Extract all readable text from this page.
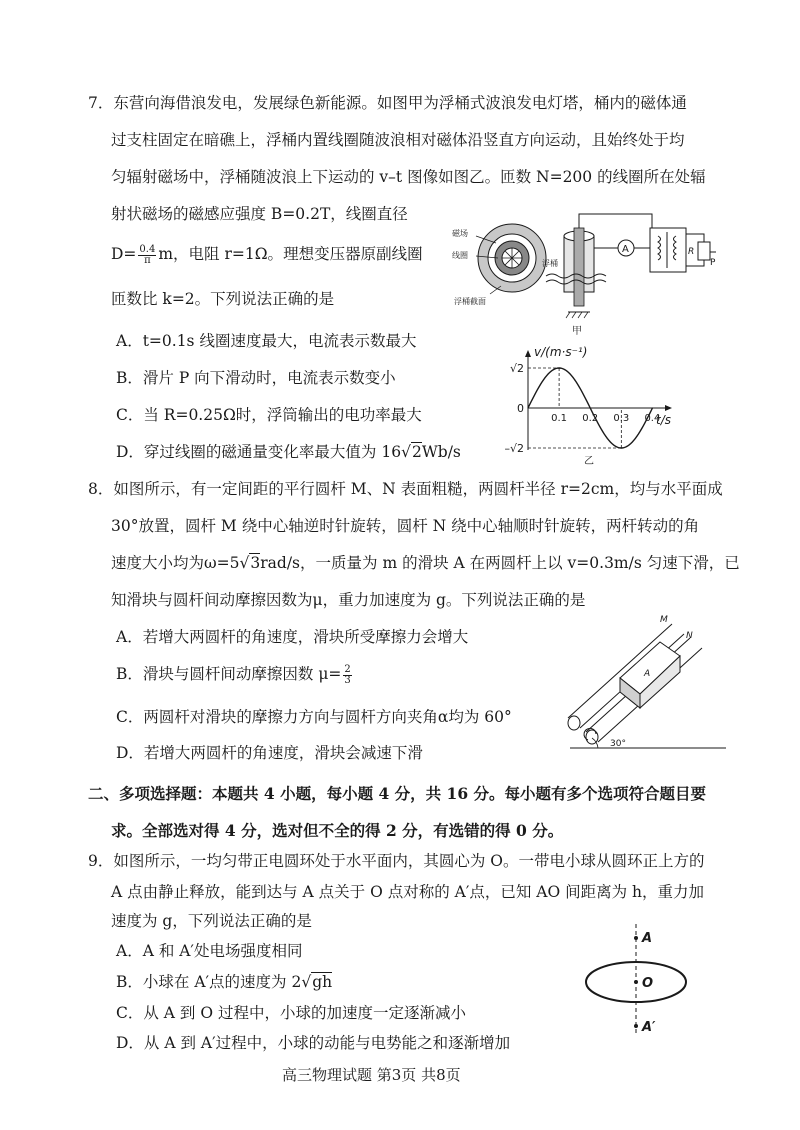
7．东营向海借浪发电，发展绿色新能源。如图甲为浮桶式波浪发电灯塔，桶内的磁体通
过支柱固定在暗礁上，浮桶内置线圈随波浪相对磁体沿竖直方向运动，且始终处于均
匀辐射磁场中，浮桶随波浪上下运动的 v–t 图像如图乙。匝数 N=200 的线圈所在处辐
射状磁场的磁感应强度 B=0.2T，线圈直径
$D= \frac{0.4}{\pi}$ m，电阻 r=1Ω。理想变压器原副线圈
匝数比 k=2。下列说法正确的是
A．t=0.1s 线圈速度最大，电流表示数最大
B．滑片 P 向下滑动时，电流表示数变小
C．当 R=0.25Ω时，浮筒输出的电功率最大
D．穿过线圈的磁通量变化率最大值为 16√2Wb/s
磁场
线圈
浮桶截面
浮桶
A	R
P
甲
v/(m·s⁻¹)
t/s
乙
0.1 0.2 0.3 0.4
√2
0
–√2
8．如图所示，有一定间距的平行圆杆 M、N 表面粗糙，两圆杆半径 r=2cm，均与水平面成
30°放置，圆杆 M 绕中心轴逆时针旋转，圆杆 N 绕中心轴顺时针旋转，两杆转动的角
速度大小均为ω=5√3rad/s，一质量为 m 的滑块 A 在两圆杆上以 v=0.3m/s 匀速下滑，已
知滑块与圆杆间动摩擦因数为μ，重力加速度为 g。下列说法正确的是
A．若增大两圆杆的角速度，滑块所受摩擦力会增大
B．滑块与圆杆间动摩擦因数 $\mu= \frac{2}{3}$
C．两圆杆对滑块的摩擦力方向与圆杆方向夹角α均为 60°
D．若增大两圆杆的角速度，滑块会减速下滑
A
M
N
30°
二、多项选择题：本题共 4 小题，每小题 4 分，共 16 分。每小题有多个选项符合题目要
求。全部选对得 4 分，选对但不全的得 2 分，有选错的得 0 分。
9．如图所示，一均匀带正电圆环处于水平面内，其圆心为 O。一带电小球从圆环正上方的
A 点由静止释放，能到达与 A 点关于 O 点对称的 A′点，已知 AO 间距离为 h，重力加
速度为 g，下列说法正确的是
A．A 和 A′处电场强度相同
B．小球在 A′点的速度为 2√gh
C．从 A 到 O 过程中，小球的加速度一定逐渐减小
D．从 A 到 A′过程中，小球的动能与电势能之和逐渐增加
A
O
A′
高三物理试题 第3页 共8页
